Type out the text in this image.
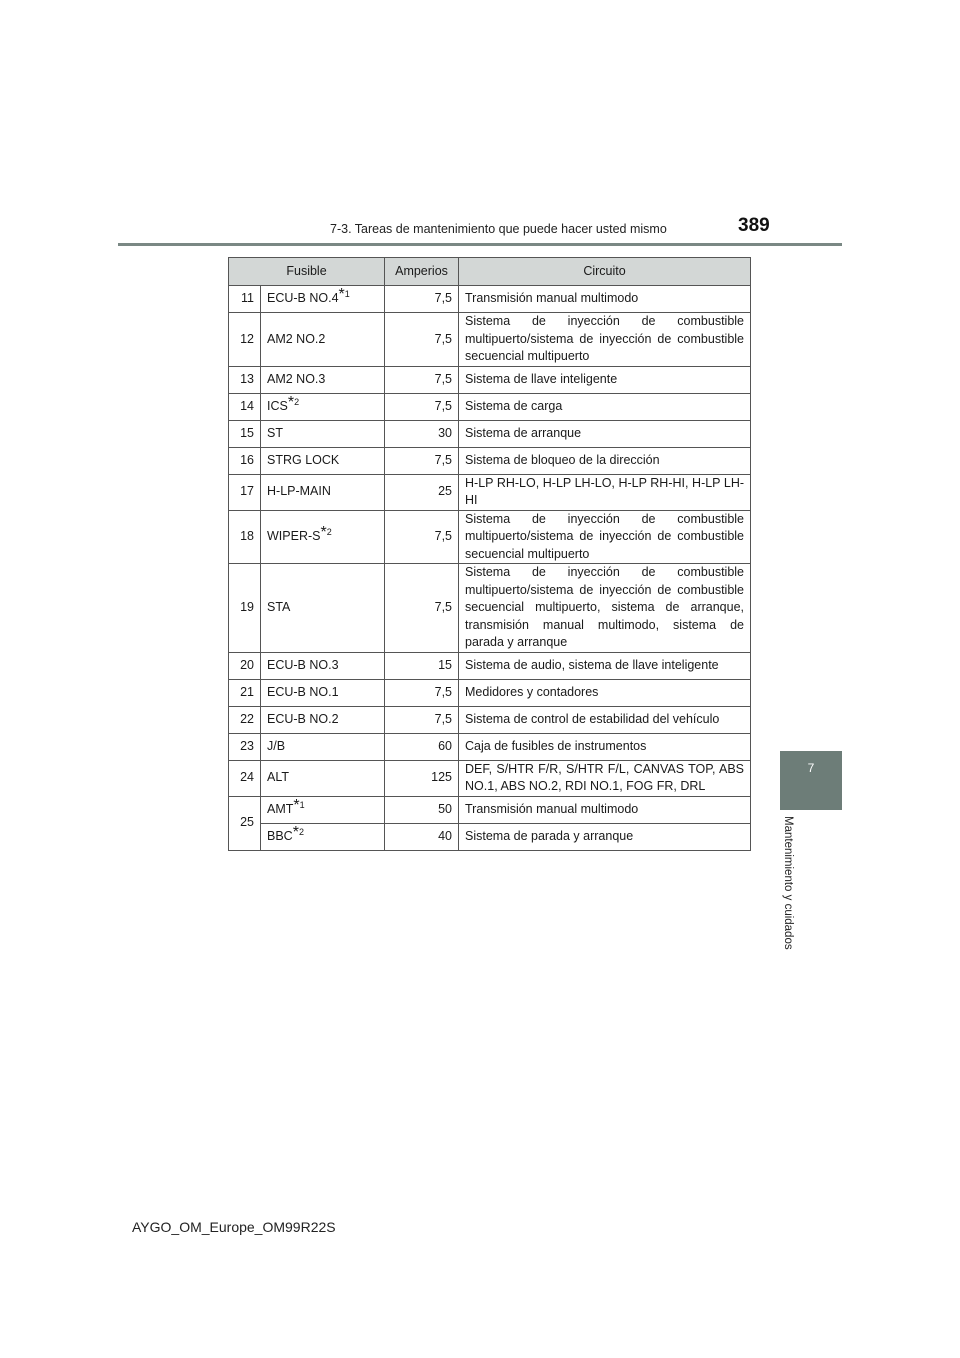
7-3. Tareas de mantenimiento que puede hacer usted mismo	389
7
Mantenimiento y cuidados
Fusible		Amperios	Circuito
11	ECU-B NO.4*$^1$	7,5	Transmisión manual multimodo
12	AM2 NO.2	7,5	Sistema de inyección de combustible multipuerto/sistema de inyección de combustible secuencial multipuerto
13	AM2 NO.3	7,5	Sistema de llave inteligente
14	ICS*$^2$	7,5	Sistema de carga
15	ST	30	Sistema de arranque
16	STRG LOCK	7,5	Sistema de bloqueo de la dirección
17	H-LP-MAIN	25	H-LP RH-LO, H-LP LH-LO, H-LP RH-HI, H-LP LH-HI
18	WIPER-S*$^2$	7,5	Sistema de inyección de combustible multipuerto/sistema de inyección de combustible secuencial multipuerto
19	STA	7,5	Sistema de inyección de combustible multipuerto/sistema de inyección de combustible secuencial multipuerto, sistema de arranque, transmisión manual multimodo, sistema de parada y arranque
20	ECU-B NO.3	15	Sistema de audio, sistema de llave inteligente
21	ECU-B NO.1	7,5	Medidores y contadores
22	ECU-B NO.2	7,5	Sistema de control de estabilidad del vehículo
23	J/B	60	Caja de fusibles de instrumentos
24	ALT	125	DEF, S/HTR F/R, S/HTR F/L, CANVAS TOP, ABS NO.1, ABS NO.2, RDI NO.1, FOG FR, DRL
25	AMT*$^1$	50	Transmisión manual multimodo
	BBC*$^2$	40	Sistema de parada y arranque
AYGO_OM_Europe_OM99R22S
